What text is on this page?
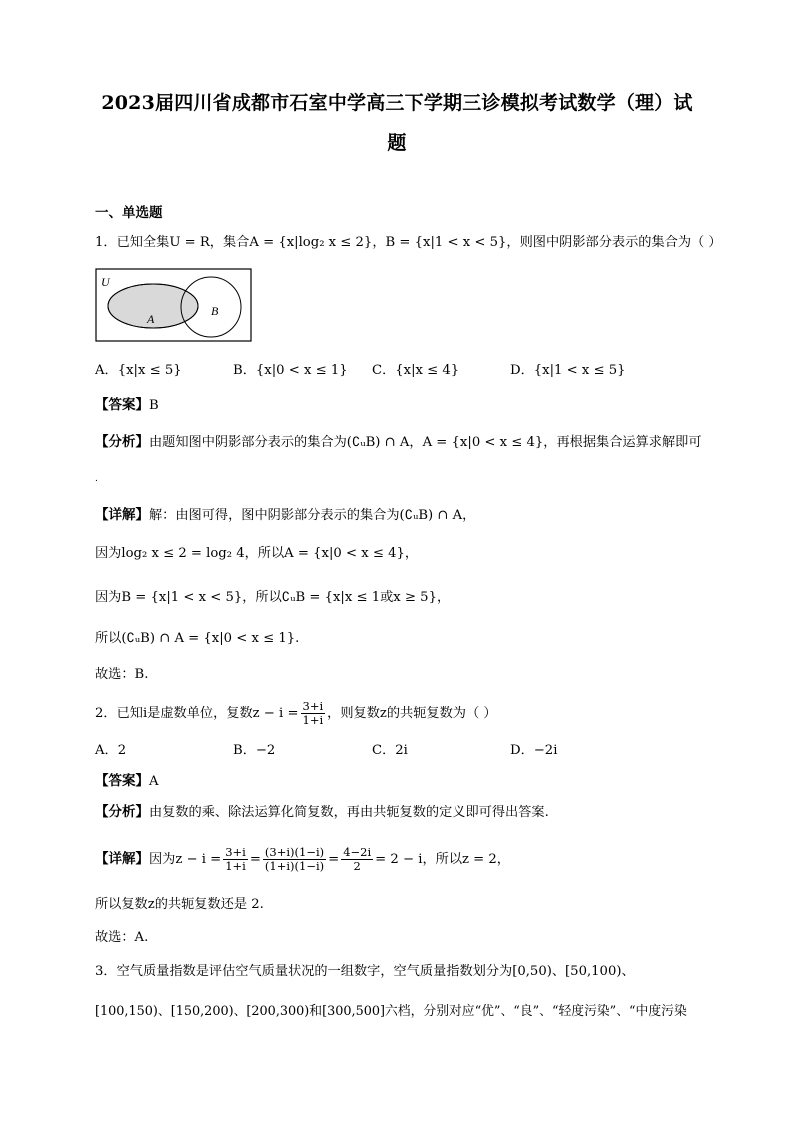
2023届四川省成都市石室中学高三下学期三诊模拟考试数学（理）试
题
一、单选题
1．已知全集U = R，集合A = {x|log₂ x ≤ 2}，B = {x|1 < x < 5}，则图中阴影部分表示的集合为（ ）
U
A
B
A．{x|x ≤ 5}	B．{x|0 < x ≤ 1} C．{x|x ≤ 4}	D．{x|1 < x ≤ 5}
【答案】B
【分析】由题知图中阴影部分表示的集合为(∁ᵤB) ∩ A，A = {x|0 < x ≤ 4}，再根据集合运算求解即可
.
【详解】解：由图可得，图中阴影部分表示的集合为(∁ᵤB) ∩ A，
因为log₂ x ≤ 2 = log₂ 4，所以A = {x|0 < x ≤ 4}，
因为B = {x|1 < x < 5}，所以∁ᵤB = {x|x ≤ 1或x ≥ 5}，
所以(∁ᵤB) ∩ A = {x|0 < x ≤ 1}.
故选：B.
2．已知i是虚数单位，复数$z - i = \frac{3+i}{1+i}$ ，则复数z的共轭复数为（ ）
A．2	B．−2	C．2i	D．−2i
【答案】A
【分析】由复数的乘、除法运算化简复数，再由共轭复数的定义即可得出答案.
【详解】因为$z - i = \frac{3+i}{1+i} = \frac{(3+i)(1-i)}{(1+i)(1-i)} = \frac{4-2i}{2} = 2 - i$，所以z = 2，
所以复数z的共轭复数还是 2.
故选：A.
3．空气质量指数是评估空气质量状况的一组数字，空气质量指数划分为[0,50)、[50,100)、
[100,150)、[150,200)、[200,300)和[300,500]六档，分别对应“优”、“良”、“轻度污染”、“中度污染
